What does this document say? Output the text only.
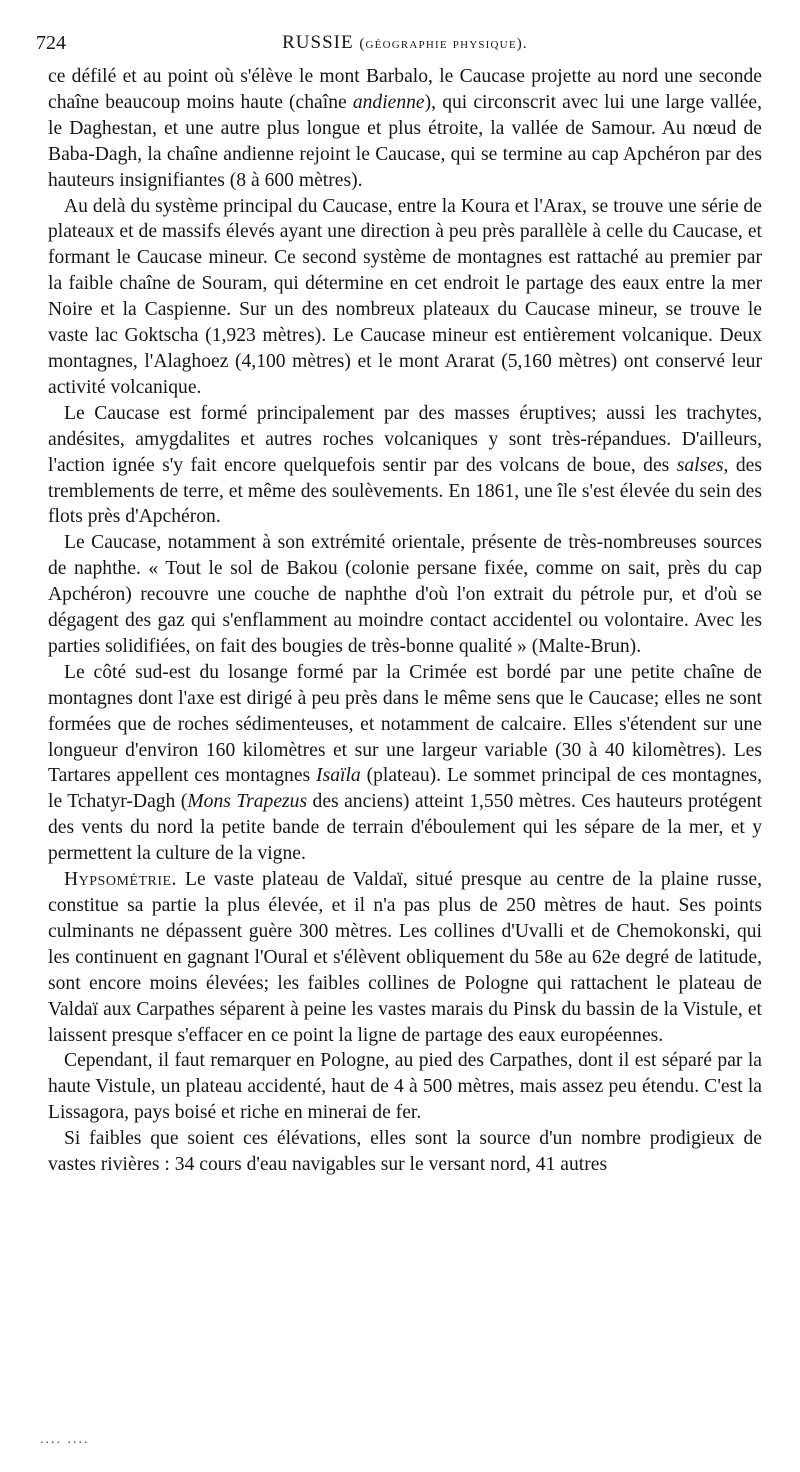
724	RUSSIE (géographie physique).

ce défilé et au point où s'élève le mont Barbalo, le Caucase projette au nord une seconde chaîne beaucoup moins haute (chaîne andienne), qui circonscrit avec lui une large vallée, le Daghestan, et une autre plus longue et plus étroite, la vallée de Samour. Au nœud de Baba-Dagh, la chaîne andienne rejoint le Caucase, qui se termine au cap Apchéron par des hauteurs insignifiantes (8 à 600 mètres).

Au delà du système principal du Caucase, entre la Koura et l'Arax, se trouve une série de plateaux et de massifs élevés ayant une direction à peu près parallèle à celle du Caucase, et formant le Caucase mineur. Ce second système de montagnes est rattaché au premier par la faible chaîne de Souram, qui détermine en cet endroit le partage des eaux entre la mer Noire et la Caspienne. Sur un des nombreux plateaux du Caucase mineur, se trouve le vaste lac Goktscha (1,923 mètres). Le Caucase mineur est entièrement volcanique. Deux montagnes, l'Alaghoez (4,100 mètres) et le mont Ararat (5,160 mètres) ont conservé leur activité volcanique.

Le Caucase est formé principalement par des masses éruptives; aussi les trachytes, andésites, amygdalites et autres roches volcaniques y sont très-répandues. D'ailleurs, l'action ignée s'y fait encore quelquefois sentir par des volcans de boue, des salses, des tremblements de terre, et même des soulèvements. En 1861, une île s'est élevée du sein des flots près d'Apchéron.

Le Caucase, notamment à son extrémité orientale, présente de très-nombreuses sources de naphthe. « Tout le sol de Bakou (colonie persane fixée, comme on sait, près du cap Apchéron) recouvre une couche de naphthe d'où l'on extrait du pétrole pur, et d'où se dégagent des gaz qui s'enflamment au moindre contact accidentel ou volontaire. Avec les parties solidifiées, on fait des bougies de très-bonne qualité » (Malte-Brun).

Le côté sud-est du losange formé par la Crimée est bordé par une petite chaîne de montagnes dont l'axe est dirigé à peu près dans le même sens que le Caucase; elles ne sont formées que de roches sédimenteuses, et notamment de calcaire. Elles s'étendent sur une longueur d'environ 160 kilomètres et sur une largeur variable (30 à 40 kilomètres). Les Tartares appellent ces montagnes Isaïla (plateau). Le sommet principal de ces montagnes, le Tchatyr-Dagh (Mons Trapezus des anciens) atteint 1,550 mètres. Ces hauteurs protégent des vents du nord la petite bande de terrain d'éboulement qui les sépare de la mer, et y permettent la culture de la vigne.

Hypsométrie. Le vaste plateau de Valdaï, situé presque au centre de la plaine russe, constitue sa partie la plus élevée, et il n'a pas plus de 250 mètres de haut. Ses points culminants ne dépassent guère 300 mètres. Les collines d'Uvalli et de Chemokonski, qui les continuent en gagnant l'Oural et s'élèvent obliquement du 58e au 62e degré de latitude, sont encore moins élevées; les faibles collines de Pologne qui rattachent le plateau de Valdaï aux Carpathes séparent à peine les vastes marais du Pinsk du bassin de la Vistule, et laissent presque s'effacer en ce point la ligne de partage des eaux européennes.

Cependant, il faut remarquer en Pologne, au pied des Carpathes, dont il est séparé par la haute Vistule, un plateau accidenté, haut de 4 à 500 mètres, mais assez peu étendu. C'est la Lissagora, pays boisé et riche en minerai de fer.

Si faibles que soient ces élévations, elles sont la source d'un nombre prodigieux de vastes rivières : 34 cours d'eau navigables sur le versant nord, 41 autres

.... ....
